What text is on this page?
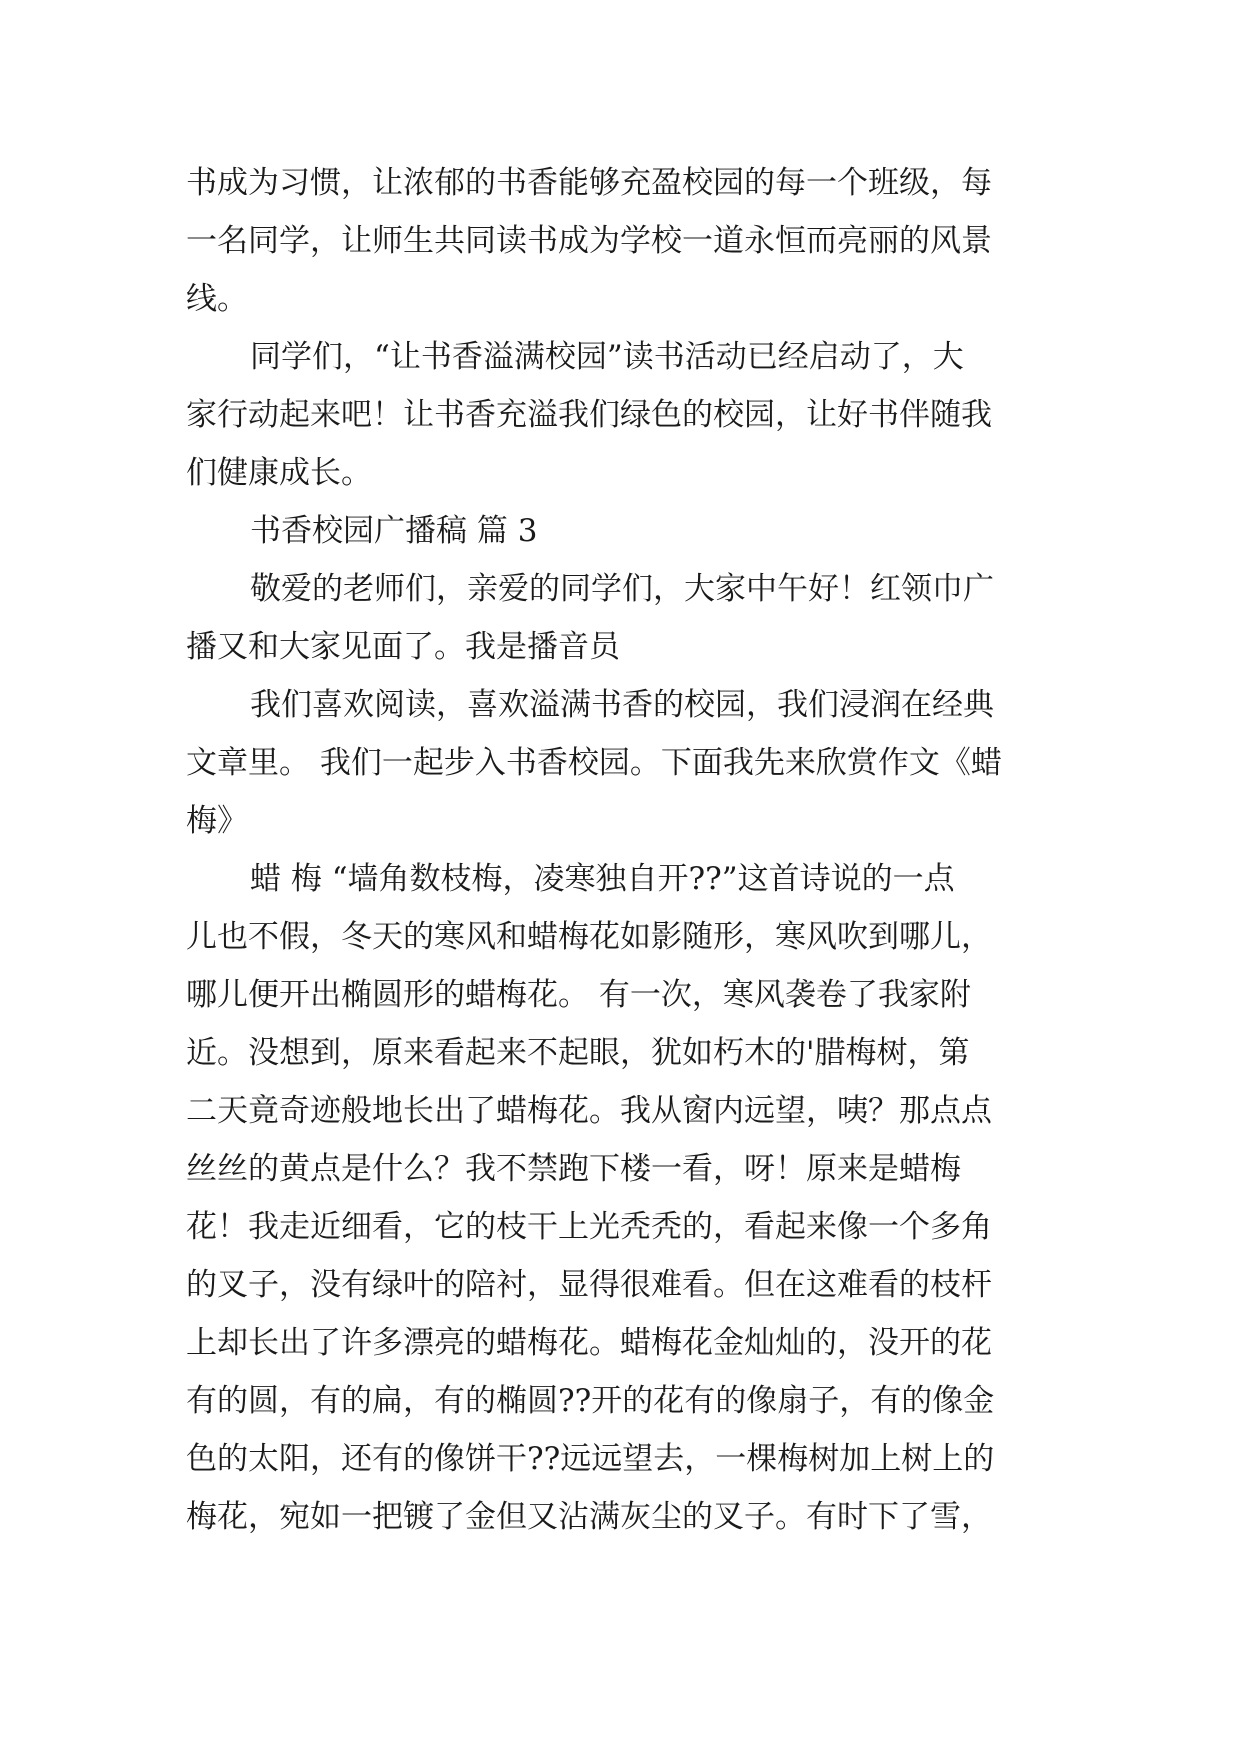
书成为习惯，让浓郁的书香能够充盈校园的每一个班级，每
一名同学，让师生共同读书成为学校一道永恒而亮丽的风景
线。
同学们，“让书香溢满校园”读书活动已经启动了，大
家行动起来吧！让书香充溢我们绿色的校园，让好书伴随我
们健康成长。
书香校园广播稿 篇 3
敬爱的老师们，亲爱的同学们，大家中午好！红领巾广
播又和大家见面了。我是播音员
我们喜欢阅读，喜欢溢满书香的校园，我们浸润在经典
文章里。 我们一起步入书香校园。下面我先来欣赏作文《蜡
梅》
蜡 梅 “墙角数枝梅，凌寒独自开??”这首诗说的一点
儿也不假，冬天的寒风和蜡梅花如影随形，寒风吹到哪儿，
哪儿便开出椭圆形的蜡梅花。 有一次，寒风袭卷了我家附
近。没想到，原来看起来不起眼，犹如朽木的'腊梅树，第
二天竟奇迹般地长出了蜡梅花。我从窗内远望，咦？那点点
丝丝的黄点是什么？我不禁跑下楼一看，呀！原来是蜡梅
花！我走近细看，它的枝干上光秃秃的，看起来像一个多角
的叉子，没有绿叶的陪衬，显得很难看。但在这难看的枝杆
上却长出了许多漂亮的蜡梅花。蜡梅花金灿灿的，没开的花
有的圆，有的扁，有的椭圆??开的花有的像扇子，有的像金
色的太阳，还有的像饼干??远远望去，一棵梅树加上树上的
梅花，宛如一把镀了金但又沾满灰尘的叉子。有时下了雪，
